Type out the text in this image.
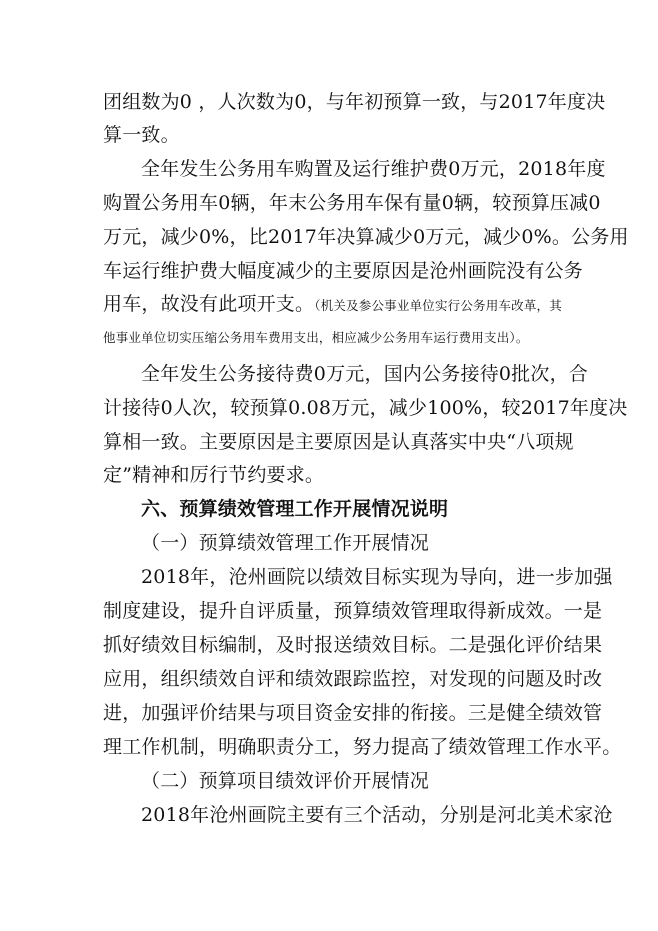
团组数为0 ，人次数为0，与年初预算一致，与2017年度决
算一致。
全年发生公务用车购置及运行维护费0万元，2018年度
购置公务用车0辆，年末公务用车保有量0辆，较预算压减0
万元，减少0%，比2017年决算减少0万元，减少0%。公务用
车运行维护费大幅度减少的主要原因是沧州画院没有公务
用车，故没有此项开支。（机关及参公事业单位实行公务用车改革，其
他事业单位切实压缩公务用车费用支出，相应减少公务用车运行费用支出）。
全年发生公务接待费0万元，国内公务接待0批次，合
计接待0人次，较预算0.08万元，减少100%，较2017年度决
算相一致。主要原因是主要原因是认真落实中央“八项规
定”精神和厉行节约要求。
六、预算绩效管理工作开展情况说明
（一）预算绩效管理工作开展情况
2018年，沧州画院以绩效目标实现为导向，进一步加强
制度建设，提升自评质量，预算绩效管理取得新成效。一是
抓好绩效目标编制，及时报送绩效目标。二是强化评价结果
应用，组织绩效自评和绩效跟踪监控，对发现的问题及时改
进，加强评价结果与项目资金安排的衔接。三是健全绩效管
理工作机制，明确职责分工，努力提高了绩效管理工作水平。
（二）预算项目绩效评价开展情况
2018年沧州画院主要有三个活动，分别是河北美术家沧
